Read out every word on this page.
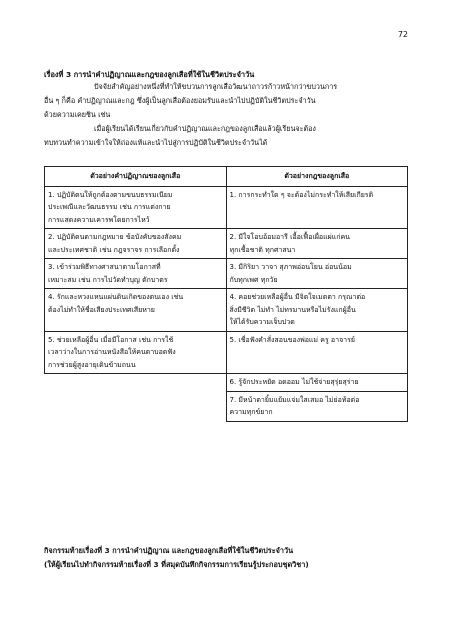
72
เรื่องที่ 3 การนำคำปฏิญาณและกฎของลูกเสือที่ใช้ในชีวิตประจำวัน
ปัจจัยสำคัญอย่างหนึ่งที่ทำให้ขบวนการลูกเสือวัฒนาถาวรก้าวหน้ากว่าขบวนการ
อื่น ๆ ก็คือ คำปฏิญาณและกฎ ซึ่งผู้เป็นลูกเสือต้องยอมรับและนำไปปฏิบัติในชีวิตประจำวัน
ด้วยความเคยชิน เช่น
เมื่อผู้เรียนได้เรียนเกี่ยวกับคำปฏิญาณและกฎของลูกเสือแล้วผู้เรียนจะต้อง
ทบทวนทำความเข้าใจให้ถ่องแท้และนำไปสู่การปฏิบัติในชีวิตประจำวันได้
ตัวอย่างคำปฏิญาณของลูกเสือ	ตัวอย่างกฎของลูกเสือ

1. ปฏิบัติตนให้ถูกต้องตามขนบธรรมเนียม
ประเพณีและวัฒนธรรม เช่น การแต่งกาย
การแสดงความเคารพโดยการไหว้	1. การกระทำใด ๆ จะต้องไม่กระทำให้เสียเกียรติ

2. ปฏิบัติตนตามกฎหมาย ข้อบังคับของสังคม
และประเทศชาติ เช่น กฎจราจร การเลือกตั้ง	2. มีใจโอบอ้อมอารี เอื้อเฟื้อเผื่อแผ่แก่คน
ทุกเชื้อชาติ ทุกศาสนา

3. เข้าร่วมพิธีทางศาสนาตามโอกาสที่
เหมาะสม เช่น การไปวัดทำบุญ ตักบาตร	3. มีกิริยา วาจา สุภาพอ่อนโยน อ่อนน้อม
กับทุกเพศ ทุกวัย

4. รักและหวงแหนแผ่นดินเกิดของตนเอง เช่น
ต้องไม่ทำให้ชื่อเสียงประเทศเสียหาย	4. คอยช่วยเหลือผู้อื่น มีจิตใจเมตตา กรุณาต่อ
สิ่งมีชีวิต ไม่ทำ ไม่ทรมานหรือไม่รังแกผู้อื่น
ให้ได้รับความเจ็บปวด

5. ช่วยเหลือผู้อื่น เมื่อมีโอกาส เช่น การใช้
เวลาว่างในการอ่านหนังสือให้คนตาบอดฟัง
การช่วยผู้สูงอายุเดินข้ามถนน	5. เชื่อฟังคำสั่งสอนของพ่อแม่ ครู อาจารย์

	6. รู้จักประหยัด อดออม ไม่ใช้จ่ายสุรุ่ยสุร่าย

	7. มีหน้าตายิ้มแย้มแจ่มใสเสมอ ไม่ย่อท้อต่อ
ความทุกข์ยาก
กิจกรรมท้ายเรื่องที่ 3 การนำคำปฏิญาณ และกฎของลูกเสือที่ใช้ในชีวิตประจำวัน
(ให้ผู้เรียนไปทำกิจกรรมท้ายเรื่องที่ 3 ที่สมุดบันทึกกิจกรรมการเรียนรู้ประกอบชุดวิชา)
